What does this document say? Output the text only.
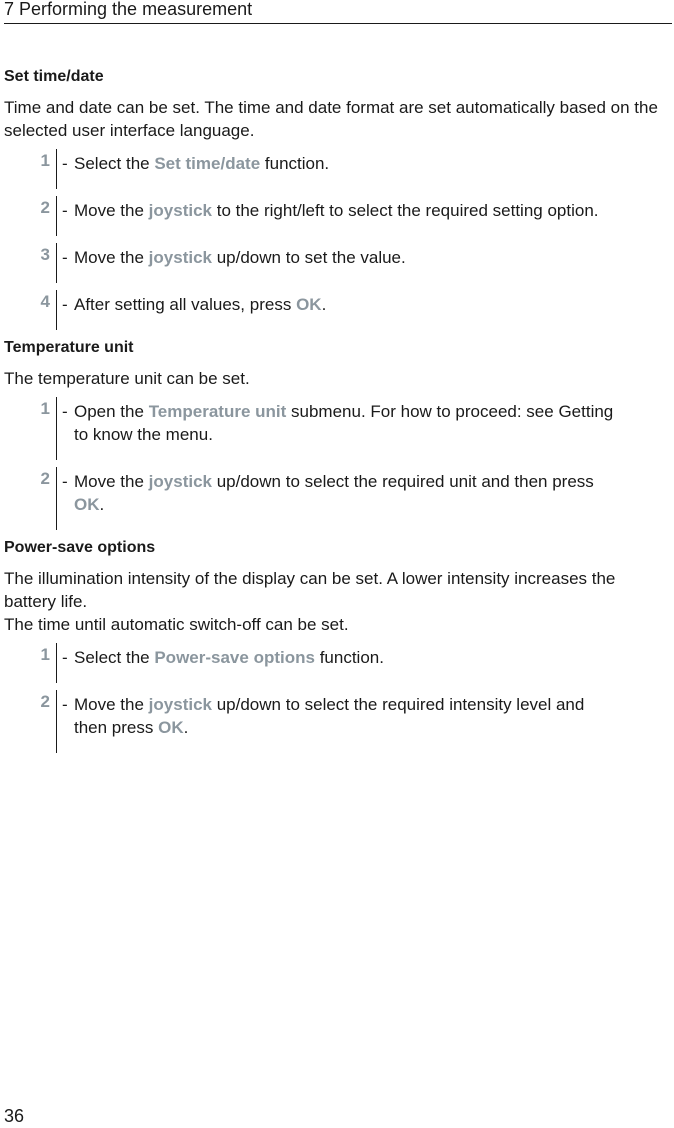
7 Performing the measurement
Set time/date
Time and date can be set. The time and date format are set automatically based on the selected user interface language.
1 - Select the Set time/date function.
2 - Move the joystick to the right/left to select the required setting option.
3 - Move the joystick up/down to set the value.
4 - After setting all values, press OK.
Temperature unit
The temperature unit can be set.
1 - Open the Temperature unit submenu. For how to proceed: see Getting to know the menu.
2 - Move the joystick up/down to select the required unit and then press OK.
Power-save options
The illumination intensity of the display can be set. A lower intensity increases the battery life.
The time until automatic switch-off can be set.
1 - Select the Power-save options function.
2 - Move the joystick up/down to select the required intensity level and then press OK.
36
